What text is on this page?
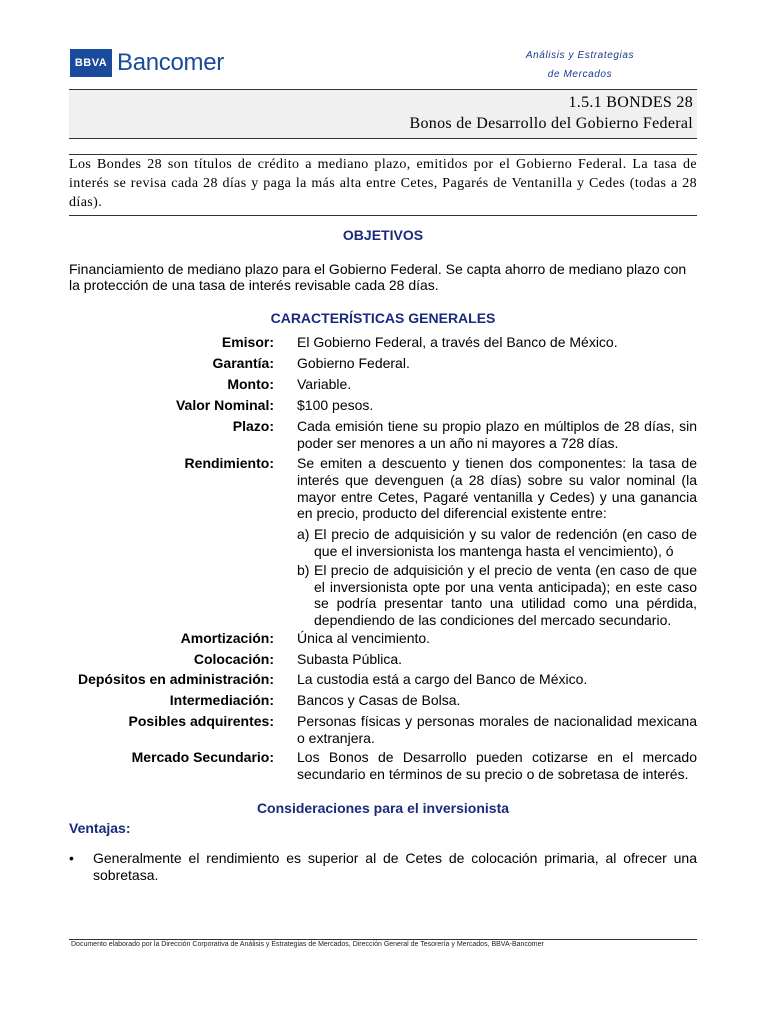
BBVA Bancomer	Análisis y Estrategias
de Mercados
1.5.1 BONDES 28
Bonos de Desarrollo del Gobierno Federal
Los Bondes 28 son títulos de crédito a mediano plazo, emitidos por el Gobierno Federal. La tasa de interés se revisa cada 28 días y paga la más alta entre Cetes, Pagarés de Ventanilla y Cedes (todas a 28 días).
OBJETIVOS
Financiamiento de mediano plazo para el Gobierno Federal. Se capta ahorro de mediano plazo con la protección de una tasa de interés revisable cada 28 días.
CARACTERÍSTICAS GENERALES
Emisor: El Gobierno Federal, a través del Banco de México.
Garantía: Gobierno Federal.
Monto: Variable.
Valor Nominal: $100 pesos.
Plazo: Cada emisión tiene su propio plazo en múltiplos de 28 días, sin poder ser menores a un año ni mayores a 728 días.
Rendimiento: Se emiten a descuento y tienen dos componentes: la tasa de interés que devenguen (a 28 días) sobre su valor nominal (la mayor entre Cetes, Pagaré ventanilla y Cedes) y una ganancia en precio, producto del diferencial existente entre:
a) El precio de adquisición y su valor de redención (en caso de que el inversionista los mantenga hasta el vencimiento), ó
b) El precio de adquisición y el precio de venta (en caso de que el inversionista opte por una venta anticipada); en este caso se podría presentar tanto una utilidad como una pérdida, dependiendo de las condiciones del mercado secundario.
Amortización: Única al vencimiento.
Colocación: Subasta Pública.
Depósitos en administración: La custodia está a cargo del Banco de México.
Intermediación: Bancos y Casas de Bolsa.
Posibles adquirentes: Personas físicas y personas morales de nacionalidad mexicana o extranjera.
Mercado Secundario: Los Bonos de Desarrollo pueden cotizarse en el mercado secundario en términos de su precio o de sobretasa de interés.
Consideraciones para el inversionista
Ventajas:
•	Generalmente el rendimiento es superior al de Cetes de colocación primaria, al ofrecer una sobretasa.
Documento elaborado por la Dirección Corporativa de Análisis y Estrategias de Mercados, Dirección General de Tesorería y Mercados, BBVA-Bancomer
